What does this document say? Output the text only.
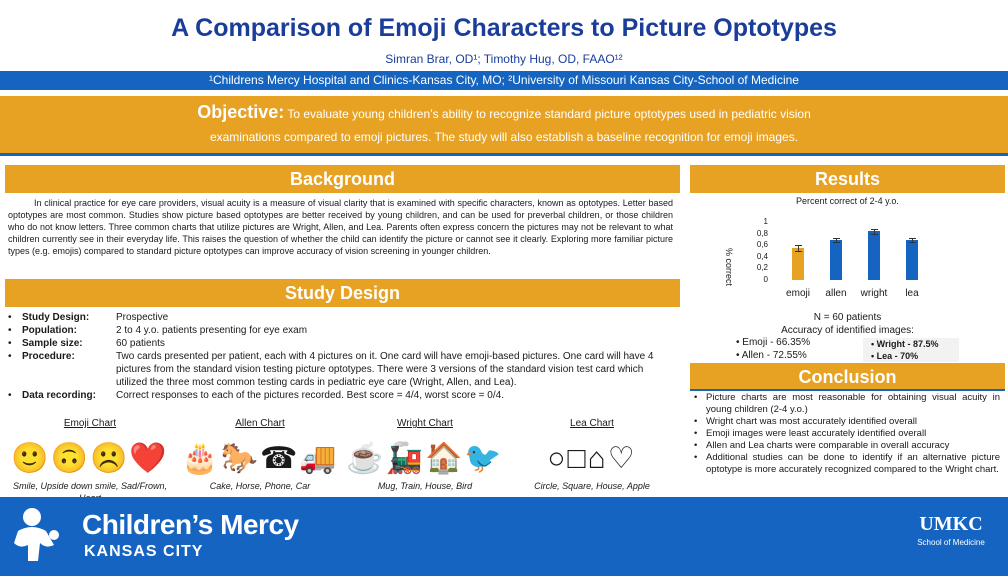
A Comparison of Emoji Characters to Picture Optotypes
Simran Brar, OD¹; Timothy Hug, OD, FAAO¹²
¹Childrens Mercy Hospital and Clinics-Kansas City, MO; ²University of Missouri Kansas City-School of Medicine
Objective: To evaluate young children’s ability to recognize standard picture optotypes used in pediatric vision
examinations compared to emoji pictures. The study will also establish a baseline recognition for emoji images.
Background	Results
In clinical practice for eye care providers, visual acuity is a measure of visual clarity that is examined with specific characters, known as optotypes. Letter based optotypes are most common. Studies show picture based optotypes are better received by young children, and can be used for preverbal children, or those children who do not know letters. Three common charts that utilize pictures are Wright, Allen, and Lea. Parents often express concern the pictures may not be relevant to what children currently see in their everyday life. This raises the question of whether the child can identify the picture or cannot see it clearly. Exploring more familiar picture types (e.g. emojis) compared to standard picture optotypes can improve accuracy of vision screening in younger children.
Percent correct of 2-4 y.o.
% correct
1
0,8
0,6
0,4
0,2
0
emoji	allen	wright	lea
Study Design
• Study Design:	Prospective
• Population:	2 to 4 y.o. patients presenting for eye exam
• Sample size:	60 patients
• Procedure:	Two cards presented per patient, each with 4 pictures on it. One card will have emoji-based pictures. One card will have 4 pictures from the standard vision testing picture optotypes. There were 3 versions of the standard vision test card which utilized the three most common testing cards in pediatric eye care (Wright, Allen, and Lea).
• Data recording: Correct responses to each of the pictures recorded. Best score = 4/4, worst score = 0/4.
Emoji Chart
🙂🙃☹️❤️
Smile, Upside down smile, Sad/Frown,
Allen Chart
🎂🐎☎🚚
Cake, Horse, Phone, Car
Wright Chart
☕🚂🏠🐦
Mug, Train, House, Bird
Lea Chart
○□⌂♡
Circle, Square, House, Apple
N = 60 patients
Accuracy of identified images:
• Emoji - 66.35%
• Allen - 72.55%
• Wright - 87.5%
• Lea - 70%
Conclusion
• Picture charts are most reasonable for obtaining visual acuity in young children (2-4 y.o.)
• Wright chart was most accurately identified overall
• Emoji images were least accurately identified overall
• Allen and Lea charts were comparable in overall accuracy
• Additional studies can be done to identify if an alternative picture optotype is more accurately recognized compared to the Wright chart.
Children’s Mercy
KANSAS CITY
UMKC
School of Medicine
